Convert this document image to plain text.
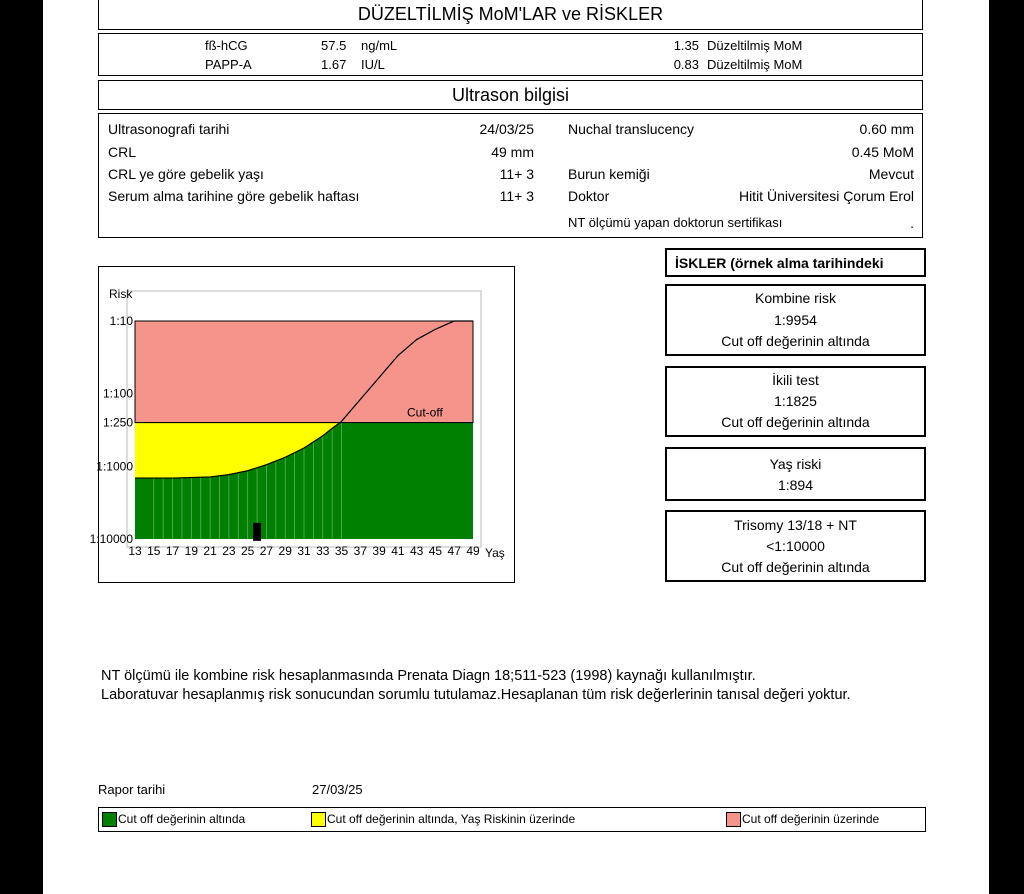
DÜZELTİLMİŞ MoM'LAR ve RİSKLER
fß-hCG	57.5 ng/mL	1.35 Düzeltilmiş MoM
PAPP-A	1.67 IU/L	0.83 Düzeltilmiş MoM
Ultrason bilgisi
Ultrasonografi tarihi	24/03/25
CRL	49 mm
CRL ye göre gebelik yaşı	11+ 3
Serum alma tarihine göre gebelik haftası	11+ 3
Nuchal translucency	0.60 mm
0.45 MoM
Burun kemiği	Mevcut
Doktor	Hitit Üniversitesi Çorum Erol
NT ölçümü yapan doktorun sertifikası	.
Cut-off
Risk
1:10
1:100
1:250
1:1000
1:10000
13 15 17 19 21 23 25 27 29 31 33 35 37 39 41 43 45 47 49 Yaş
İSKLER (örnek alma tarihindeki
Kombine risk
1:9954
Cut off değerinin altında
İkili test
1:1825
Cut off değerinin altında
Yaş riski
1:894
Trisomy 13/18 + NT
<1:10000
Cut off değerinin altında
NT ölçümü ile kombine risk hesaplanmasında Prenata Diagn 18;511-523 (1998) kaynağı kullanılmıştır.
Laboratuvar hesaplanmış risk sonucundan sorumlu tutulamaz.Hesaplanan tüm risk değerlerinin tanısal değeri yoktur.
Rapor tarihi	27/03/25
Cut off değerinin altında	Cut off değerinin altında, Yaş Riskinin üzerinde	Cut off değerinin üzerinde
